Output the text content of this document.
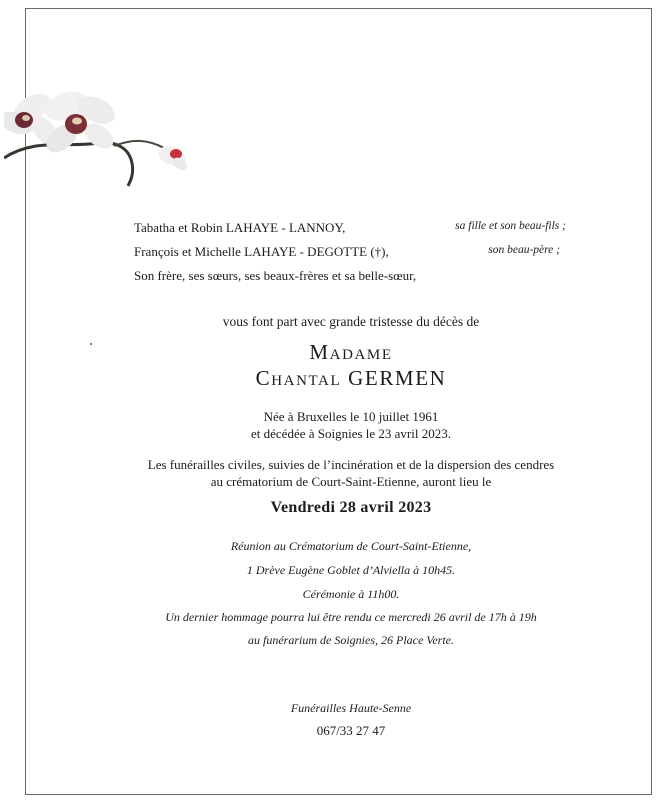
Tabatha et Robin LAHAYE - LANNOY,	sa fille et son beau-fils ;
François et Michelle LAHAYE - DEGOTTE (†),	son beau-père ;
Son frère, ses sœurs, ses beaux-frères et sa belle-sœur,
vous font part avec grande tristesse du décès de
Madame
Chantal GERMEN
Née à Bruxelles le 10 juillet 1961
et décédée à Soignies le 23 avril 2023.
Les funérailles civiles, suivies de l’incinération et de la dispersion des cendres
au crématorium de Court-Saint-Etienne, auront lieu le
Vendredi 28 avril 2023
Réunion au Crématorium de Court-Saint-Etienne,
1 Drève Eugène Goblet d’Alviella à 10h45.
Cérémonie à 11h00.
Un dernier hommage pourra lui être rendu ce mercredi 26 avril de 17h à 19h
au funérarium de Soignies, 26 Place Verte.
Funérailles Haute-Senne
067/33 27 47
